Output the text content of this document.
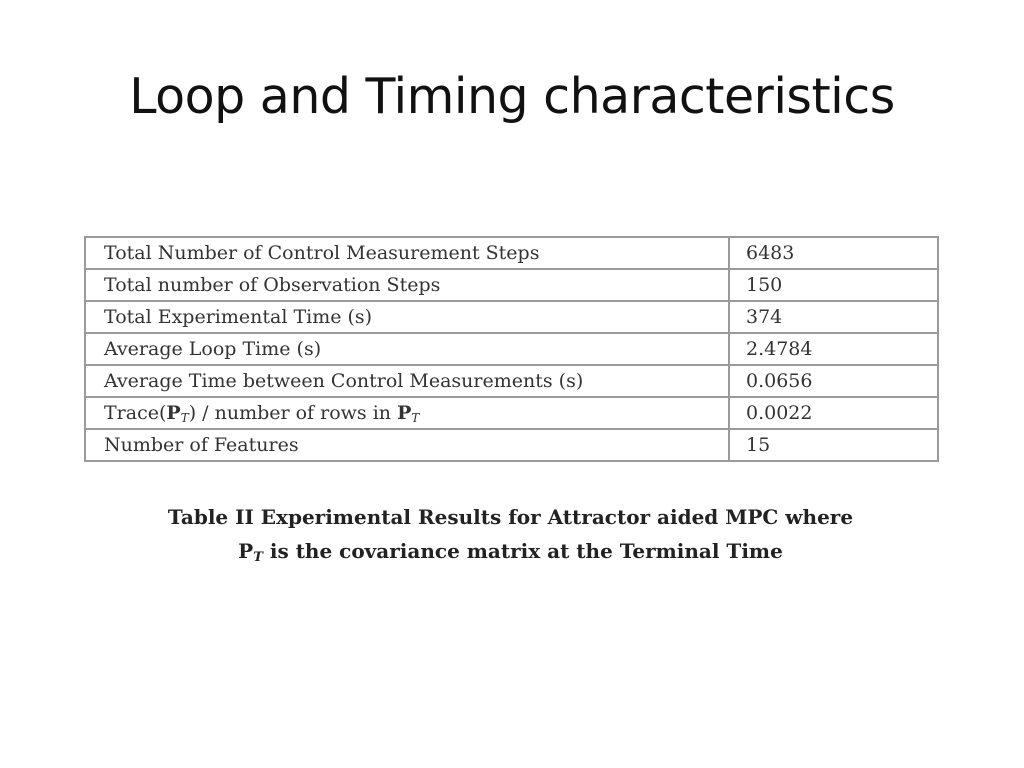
Loop and Timing characteristics
Total Number of Control Measurement Steps	6483
Total number of Observation Steps	150
Total Experimental Time (s)	374
Average Loop Time (s)	2.4784
Average Time between Control Measurements (s)	0.0656
$Trace(P_T)$ / number of rows in $P_T$	0.0022
Number of Features	15
Table II Experimental Results for Attractor aided MPC where
PT is the covariance matrix at the Terminal Time
